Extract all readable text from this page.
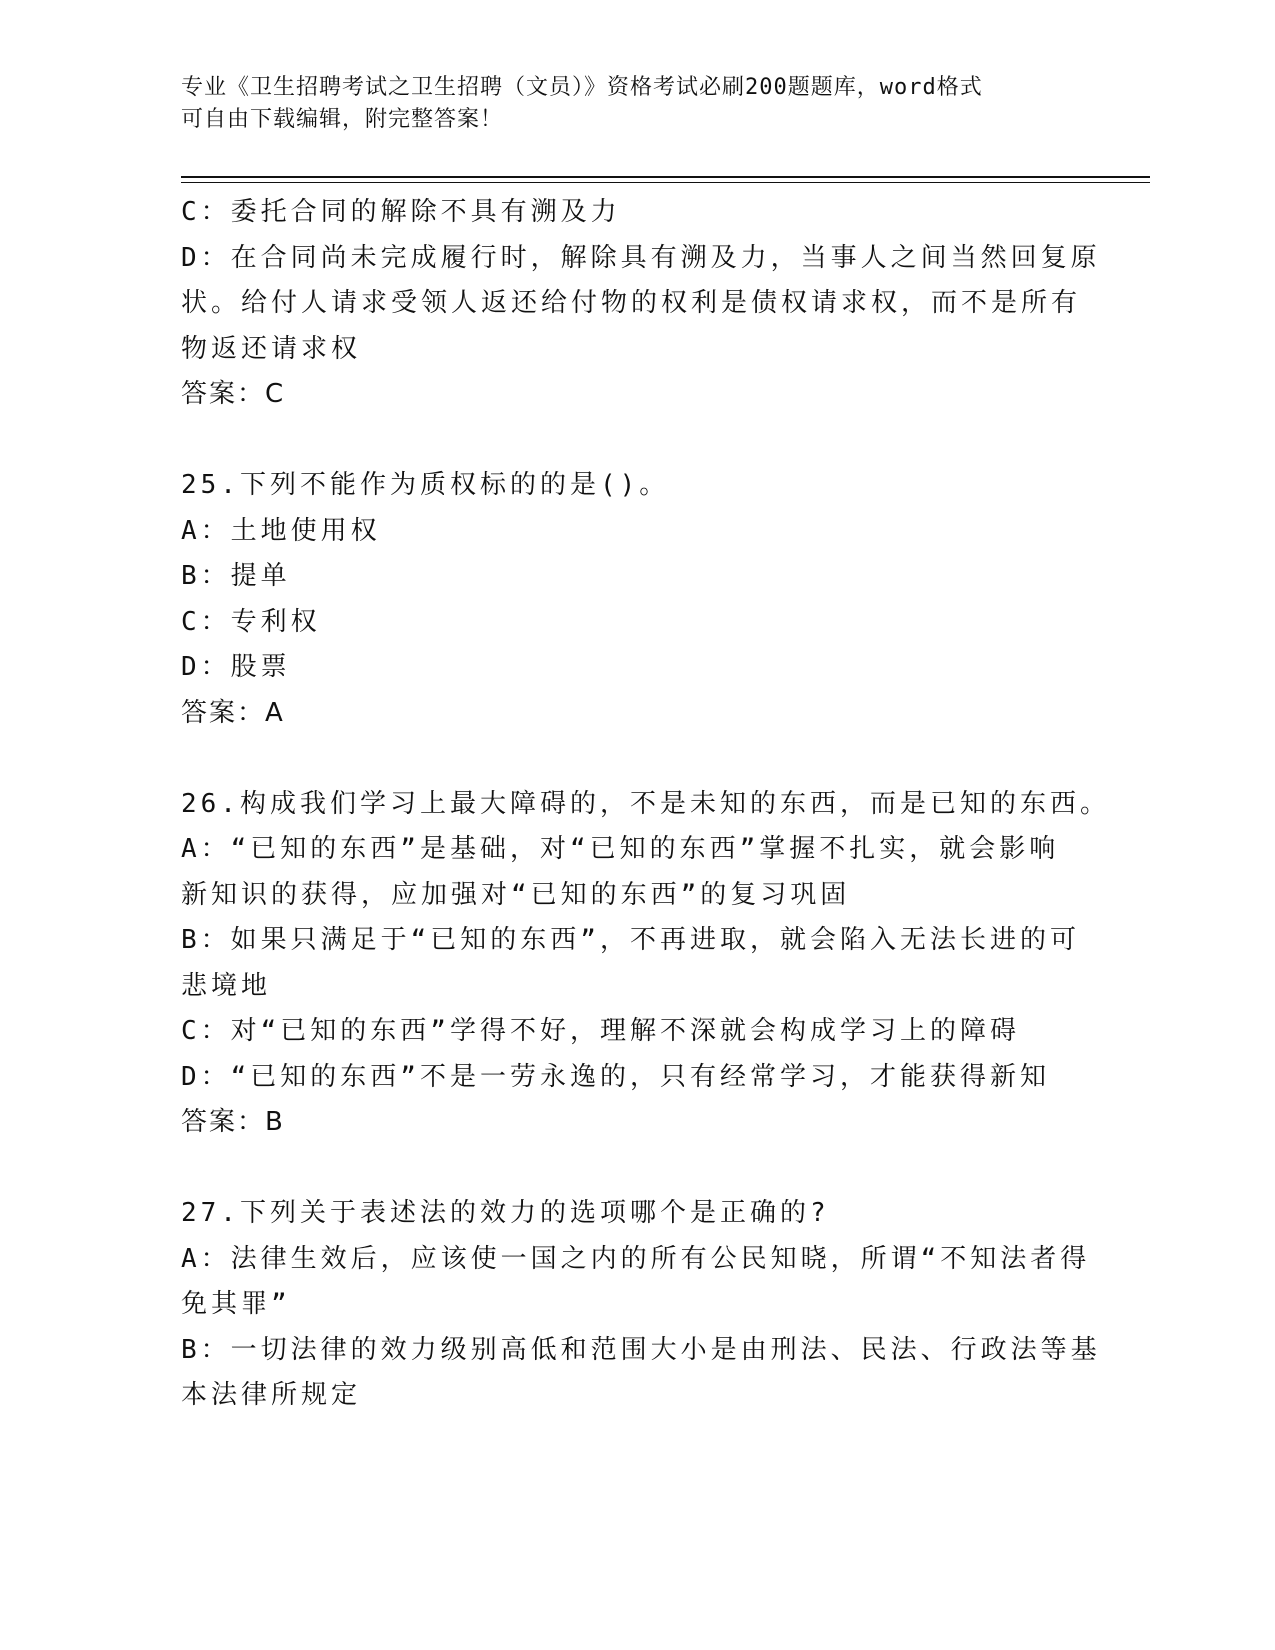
专业《卫生招聘考试之卫生招聘（文员）》资格考试必刷200题题库，word格式
可自由下载编辑，附完整答案！
C：委托合同的解除不具有溯及力
D：在合同尚未完成履行时，解除具有溯及力，当事人之间当然回复原
状。给付人请求受领人返还给付物的权利是债权请求权，而不是所有
物返还请求权
答案：C
25.下列不能作为质权标的的是()。
A：土地使用权
B：提单
C：专利权
D：股票
答案：A
26.构成我们学习上最大障碍的，不是未知的东西，而是已知的东西。
A：“已知的东西”是基础，对“已知的东西”掌握不扎实，就会影响
新知识的获得，应加强对“已知的东西”的复习巩固
B：如果只满足于“已知的东西”，不再进取，就会陷入无法长进的可
悲境地
C：对“已知的东西”学得不好，理解不深就会构成学习上的障碍
D：“已知的东西”不是一劳永逸的，只有经常学习，才能获得新知
答案：B
27.下列关于表述法的效力的选项哪个是正确的?
A：法律生效后，应该使一国之内的所有公民知晓，所谓“不知法者得
免其罪”
B：一切法律的效力级别高低和范围大小是由刑法、民法、行政法等基
本法律所规定
